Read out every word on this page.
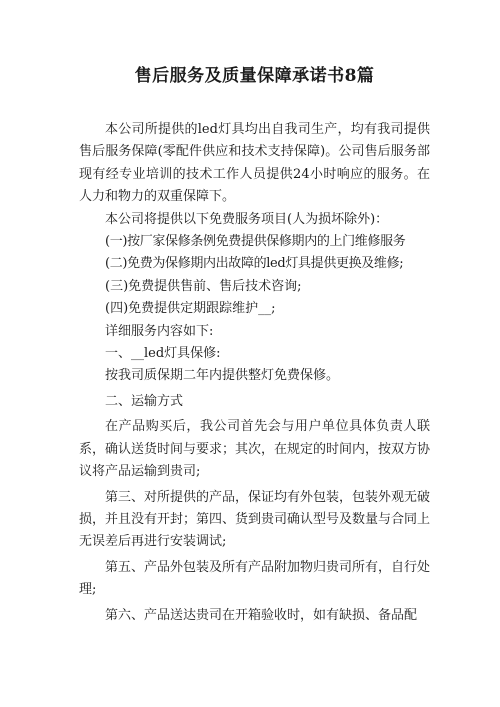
售后服务及质量保障承诺书8篇

本公司所提供的led灯具均出自我司生产，均有我司提供售后服务保障(零配件供应和技术支持保障)。公司售后服务部现有经专业培训的技术工作人员提供24小时响应的服务。在人力和物力的双重保障下。

本公司将提供以下免费服务项目(人为损坏除外)：

(一)按厂家保修条例免费提供保修期内的上门维修服务

(二)免费为保修期内出故障的led灯具提供更换及维修;

(三)免费提供售前、售后技术咨询;

(四)免费提供定期跟踪维护__;

详细服务内容如下:

一、__led灯具保修:

按我司质保期二年内提供整灯免费保修。

二、运输方式

在产品购买后，我公司首先会与用户单位具体负责人联系，确认送货时间与要求；其次，在规定的时间内，按双方协议将产品运输到贵司;

第三、对所提供的产品，保证均有外包装，包装外观无破损，并且没有开封；第四、货到贵司确认型号及数量与合同上无误差后再进行安装调试;

第五、产品外包装及所有产品附加物归贵司所有，自行处理;

第六、产品送达贵司在开箱验收时，如有缺损、备品配
